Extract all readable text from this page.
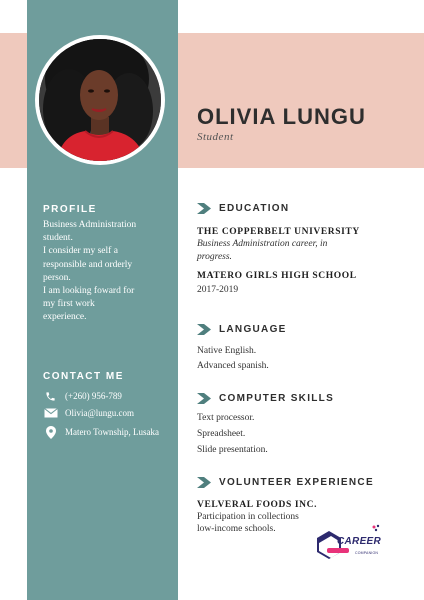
OLIVIA LUNGU
Student
PROFILE
Business Administration
student.
I consider my self a
responsible and orderly
person.
I am looking foward for
my first work
experience.
CONTACT ME
(+260) 956-789
Olivia@lungu.com
Matero Township, Lusaka
EDUCATION
THE COPPERBELT UNIVERSITY
Business Administration career, in
progress.
MATERO GIRLS HIGH SCHOOL
2017-2019
LANGUAGE
Native English.
Advanced spanish.
COMPUTER SKILLS
Text processor.
Spreadsheet.
Slide presentation.
VOLUNTEER EXPERIENCE
VELVERAL FOODS INC.
Participation in collections
low-income schools.
CAREER
COMPANION
